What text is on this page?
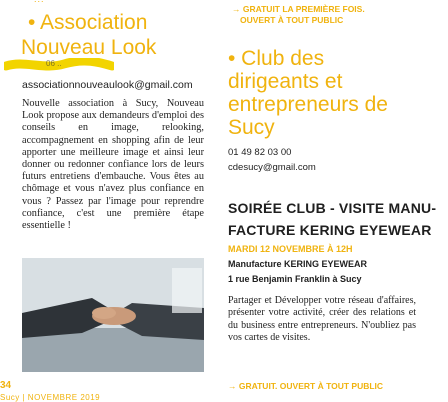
• Association
Nouveau Look
06 ..
associationnouveaulook@gmail.com
Nouvelle association à Sucy, Nouveau Look propose aux demandeurs d'emploi des conseils en image, relooking, accompagnement en shopping afin de leur apporter une meilleure image et ainsi leur donner ou redonner confiance lors de leurs futurs entretiens d'embauche. Vous êtes au chômage et vous n'avez plus confiance en vous ? Passez par l'image pour reprendre confiance, c'est une première étape essentielle !
34
Sucy | NOVEMBRE 2019
→ GRATUIT LA PREMIÈRE FOIS.
OUVERT À TOUT PUBLIC
• Club des
dirigeants et
entrepreneurs de
Sucy
01 49 82 03 00
cdesucy@gmail.com
SOIRÉE CLUB - VISITE MANU-
FACTURE KERING EYEWEAR
MARDI 12 NOVEMBRE À 12H
Manufacture KERING EYEWEAR
1 rue Benjamin Franklin à Sucy
Partager et Développer votre réseau d'affaires, présenter votre activité, créer des relations et du business entre entrepreneurs. N'oubliez pas vos cartes de visites.
→ GRATUIT. OUVERT À TOUT PUBLIC
